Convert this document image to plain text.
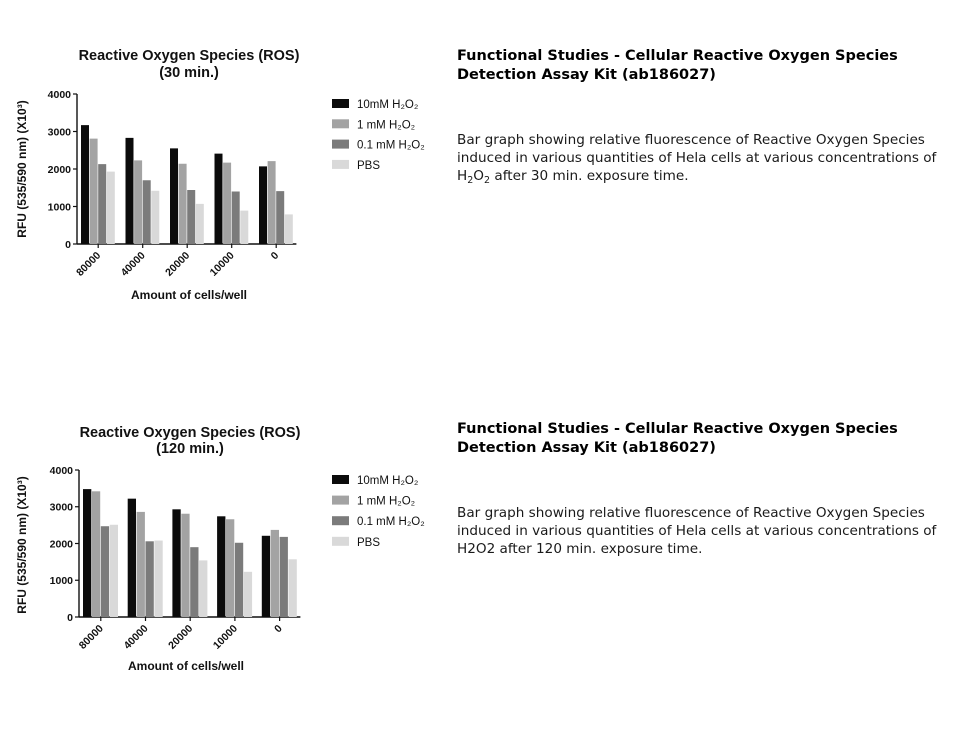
Reactive Oxygen Species (ROS)
(30 min.)
RFU (535/590 nm) (X10³)
0
1000
2000
3000
4000
80000 40000 20000 10000	0
Amount of cells/well
10mM H₂O₂
1 mM H₂O₂
0.1 mM H₂O₂
PBS

Functional Studies - Cellular Reactive Oxygen Species Detection Assay Kit (ab186027)

Bar graph showing relative fluorescence of Reactive Oxygen Species induced in various quantities of Hela cells at various concentrations of $H_2O_2$ after 30 min. exposure time.

Reactive Oxygen Species (ROS)
(120 min.)
RFU (535/590 nm) (X10³)
0
1000
2000
3000
4000
80000 40000 20000 10000	0
Amount of cells/well
10mM H₂O₂
1 mM H₂O₂
0.1 mM H₂O₂
PBS

Functional Studies - Cellular Reactive Oxygen Species Detection Assay Kit (ab186027)

Bar graph showing relative fluorescence of Reactive Oxygen Species induced in various quantities of Hela cells at various concentrations of H2O2 after 120 min. exposure time.
